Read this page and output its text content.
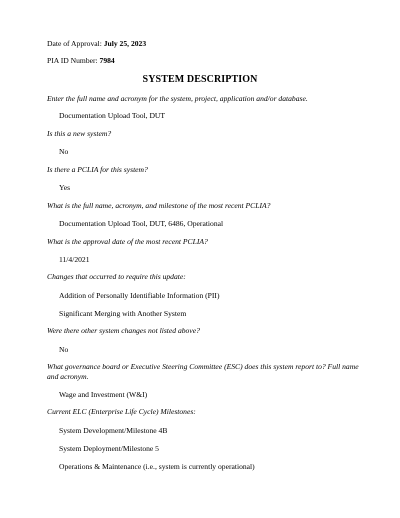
Date of Approval: July 25, 2023
PIA ID Number: 7984
SYSTEM DESCRIPTION
Enter the full name and acronym for the system, project, application and/or database.
Documentation Upload Tool, DUT
Is this a new system?
No
Is there a PCLIA for this system?
Yes
What is the full name, acronym, and milestone of the most recent PCLIA?
Documentation Upload Tool, DUT, 6486, Operational
What is the approval date of the most recent PCLIA?
11/4/2021
Changes that occurred to require this update:
Addition of Personally Identifiable Information (PII)
Significant Merging with Another System
Were there other system changes not listed above?
No
What governance board or Executive Steering Committee (ESC) does this system report to? Full name and acronym.
Wage and Investment (W&I)
Current ELC (Enterprise Life Cycle) Milestones:
System Development/Milestone 4B
System Deployment/Milestone 5
Operations & Maintenance (i.e., system is currently operational)
